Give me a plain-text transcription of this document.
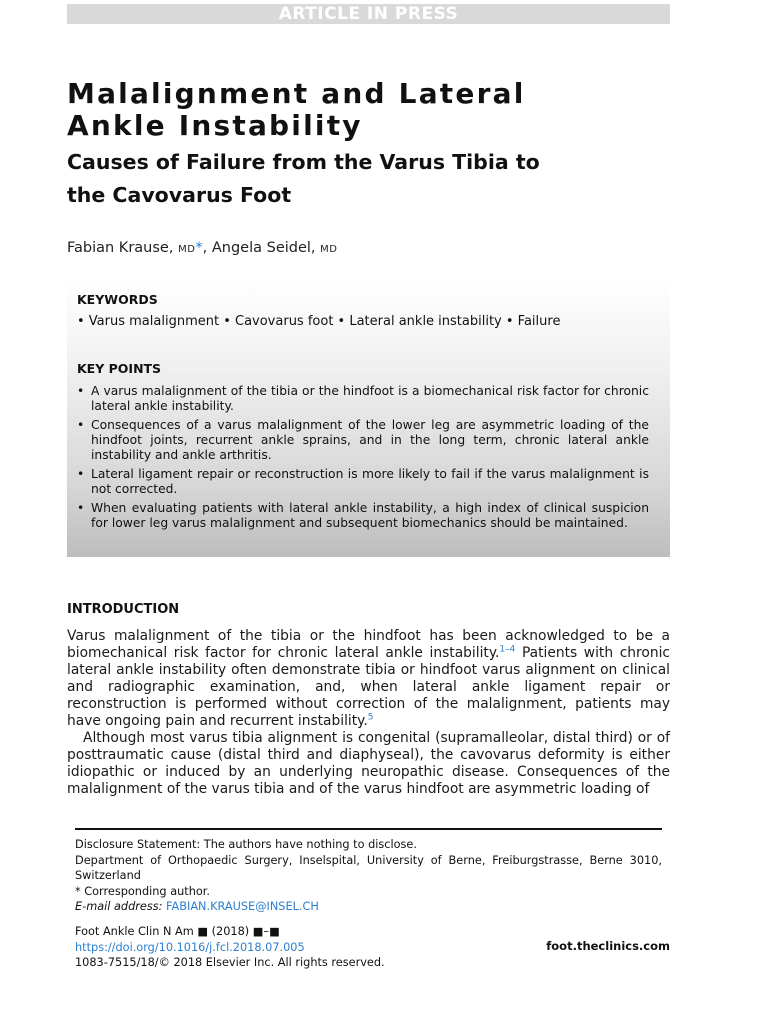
ARTICLE IN PRESS
Malalignment and Lateral
Ankle Instability
Causes of Failure from the Varus Tibia to
the Cavovarus Foot
Fabian Krause, MD*, Angela Seidel, MD
KEYWORDS
• Varus malalignment • Cavovarus foot • Lateral ankle instability • Failure
KEY POINTS
• A varus malalignment of the tibia or the hindfoot is a biomechanical risk factor for chronic lateral ankle instability.
• Consequences of a varus malalignment of the lower leg are asymmetric loading of the hindfoot joints, recurrent ankle sprains, and in the long term, chronic lateral ankle instability and ankle arthritis.
• Lateral ligament repair or reconstruction is more likely to fail if the varus malalignment is not corrected.
• When evaluating patients with lateral ankle instability, a high index of clinical suspicion for lower leg varus malalignment and subsequent biomechanics should be maintained.
INTRODUCTION

Varus malalignment of the tibia or the hindfoot has been acknowledged to be a biomechanical risk factor for chronic lateral ankle instability.$^{1-4}$ Patients with chronic lateral ankle instability often demonstrate tibia or hindfoot varus alignment on clinical and radiographic examination, and, when lateral ankle ligament repair or reconstruction is performed without correction of the malalignment, patients may have ongoing pain and recurrent instability.$^5$

Although most varus tibia alignment is congenital (supramalleolar, distal third) or of posttraumatic cause (distal third and diaphyseal), the cavovarus deformity is either idiopathic or induced by an underlying neuropathic disease. Consequences of the malalignment of the varus tibia and of the varus hindfoot are asymmetric loading of

Disclosure Statement: The authors have nothing to disclose.

Department of Orthopaedic Surgery, Inselspital, University of Berne, Freiburgstrasse, Berne 3010, Switzerland

* Corresponding author.

E-mail address: FABIAN.KRAUSE@INSEL.CH

Foot Ankle Clin N Am ■ (2018) ■–■

https://doi.org/10.1016/j.fcl.2018.07.005

1083-7515/18/© 2018 Elsevier Inc. All rights reserved.

foot.theclinics.com
